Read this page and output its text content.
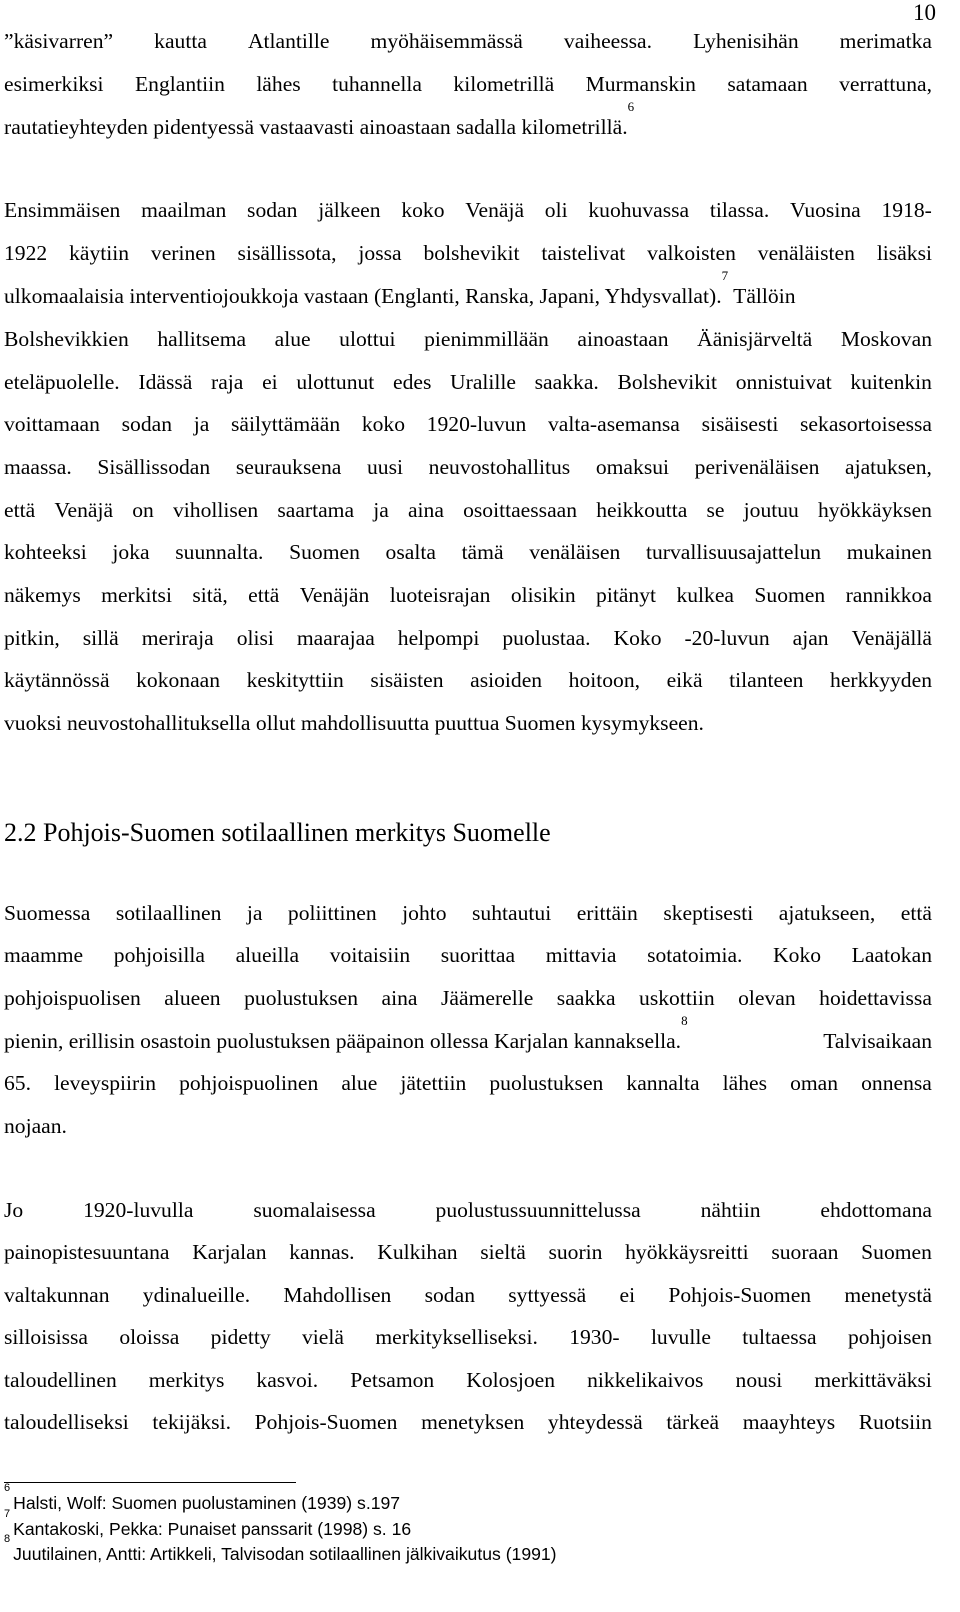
10
”käsivarren” kautta Atlantille myöhäisemmässä vaiheessa. Lyhenisihän merimatka
esimerkiksi Englantiin lähes tuhannella kilometrillä Murmanskin satamaan verrattuna,
rautatieyhteyden pidentyessä vastaavasti ainoastaan sadalla kilometrillä.$^6$
Ensimmäisen maailman sodan jälkeen koko Venäjä oli kuohuvassa tilassa. Vuosina 1918-
1922 käytiin verinen sisällissota, jossa bolshevikit taistelivat valkoisten venäläisten lisäksi
ulkomaalaisia interventiojoukkoja vastaan (Englanti, Ranska, Japani, Yhdysvallat).$^7$ Tällöin
Bolshevikkien hallitsema alue ulottui pienimmillään ainoastaan Äänisjärveltä Moskovan
eteläpuolelle. Idässä raja ei ulottunut edes Uralille saakka. Bolshevikit onnistuivat kuitenkin
voittamaan sodan ja säilyttämään koko 1920-luvun valta-asemansa sisäisesti sekasortoisessa
maassa. Sisällissodan seurauksena uusi neuvostohallitus omaksui perivenäläisen ajatuksen,
että Venäjä on vihollisen saartama ja aina osoittaessaan heikkoutta se joutuu hyökkäyksen
kohteeksi joka suunnalta. Suomen osalta tämä venäläisen turvallisuusajattelun mukainen
näkemys merkitsi sitä, että Venäjän luoteisrajan olisikin pitänyt kulkea Suomen rannikkoa
pitkin, sillä meriraja olisi maarajaa helpompi puolustaa. Koko -20-luvun ajan Venäjällä
käytännössä kokonaan keskityttiin sisäisten asioiden hoitoon, eikä tilanteen herkkyyden
vuoksi neuvostohallituksella ollut mahdollisuutta puuttua Suomen kysymykseen.
2.2 Pohjois-Suomen sotilaallinen merkitys Suomelle
Suomessa sotilaallinen ja poliittinen johto suhtautui erittäin skeptisesti ajatukseen, että
maamme pohjoisilla alueilla voitaisiin suorittaa mittavia sotatoimia. Koko Laatokan
pohjoispuolisen alueen puolustuksen aina Jäämerelle saakka uskottiin olevan hoidettavissa
pienin, erillisin osastoin puolustuksen pääpainon ollessa Karjalan kannaksella.$^8$
Talvisaikaan
65. leveyspiirin pohjoispuolinen alue jätettiin puolustuksen kannalta lähes oman onnensa
nojaan.
Jo	1920-luvulla	suomalaisessa	puolustussuunnittelussa	nähtiin	ehdottomana
painopistesuuntana Karjalan kannas. Kulkihan sieltä suorin hyökkäysreitti suoraan Suomen
valtakunnan ydinalueille. Mahdollisen sodan syttyessä ei Pohjois-Suomen menetystä
silloisissa oloissa pidetty vielä merkitykselliseksi. 1930- luvulle tultaessa pohjoisen
taloudellinen merkitys kasvoi. Petsamon Kolosjoen nikkelikaivos nousi merkittäväksi
taloudelliseksi tekijäksi. Pohjois-Suomen menetyksen yhteydessä tärkeä maayhteys Ruotsiin
$^6$Halsti, Wolf: Suomen puolustaminen (1939) s.197
$^7$Kantakoski, Pekka: Punaiset panssarit (1998) s. 16
$^8$Juutilainen, Antti: Artikkeli, Talvisodan sotilaallinen jälkivaikutus (1991)
